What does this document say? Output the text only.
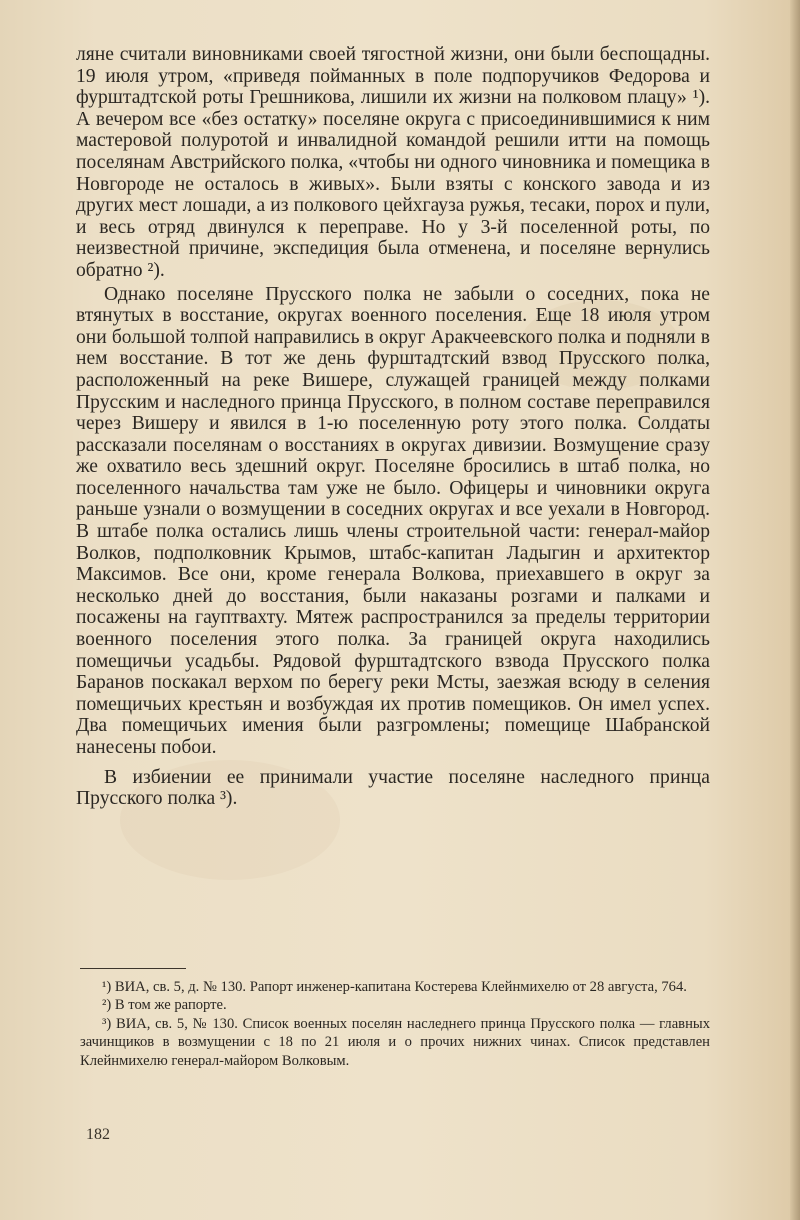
ляне считали виновниками своей тягостной жизни, они были беспощадны. 19 июля утром, «приведя пойманных в поле подпоручиков Федорова и фурштадтской роты Грешникова, лишили их жизни на полковом плацу» ¹). А вечером все «без остатку» поселяне округа с присоединившимися к ним мастеровой полуротой и инвалидной командой решили итти на помощь поселянам Австрийского полка, «чтобы ни одного чиновника и помещика в Новгороде не осталось в живых». Были взяты с конского завода и из других мест лошади, а из полкового цейхгауза ружья, тесаки, порох и пули, и весь отряд двинулся к переправе. Но у 3-й поселенной роты, по неизвестной причине, экспедиция была отменена, и поселяне вернулись обратно ²).

Однако поселяне Прусского полка не забыли о соседних, пока не втянутых в восстание, округах военного поселения. Еще 18 июля утром они большой толпой направились в округ Аракчеевского полка и подняли в нем восстание. В тот же день фурштадтский взвод Прусского полка, расположенный на реке Вишере, служащей границей между полками Прусским и наследного принца Прусского, в полном составе переправился через Вишеру и явился в 1-ю поселенную роту этого полка. Солдаты рассказали поселянам о восстаниях в округах дивизии. Возмущение сразу же охватило весь здешний округ. Поселяне бросились в штаб полка, но поселенного начальства там уже не было. Офицеры и чиновники округа раньше узнали о возмущении в соседних округах и все уехали в Новгород. В штабе полка остались лишь члены строительной части: генерал-майор Волков, подполковник Крымов, штабс-капитан Ладыгин и архитектор Максимов. Все они, кроме генерала Волкова, приехавшего в округ за несколько дней до восстания, были наказаны розгами и палками и посажены на гауптвахту. Мятеж распространился за пределы территории военного поселения этого полка. За границей округа находились помещичьи усадьбы. Рядовой фурштадтского взвода Прусского полка Баранов поскакал верхом по берегу реки Мсты, заезжая всюду в селения помещичьих крестьян и возбуждая их против помещиков. Он имел успех. Два помещичьих имения были разгромлены; помещице Шабранской нанесены побои.

В избиении ее принимали участие поселяне наследного принца Прусского полка ³).

¹) ВИА, св. 5, д. № 130. Рапорт инженер-капитана Костерева Клейнмихелю от 28 августа, 764.

²) В том же рапорте.

³) ВИА, св. 5, № 130. Список военных поселян наследнего принца Прусского полка — главных зачинщиков в возмущении с 18 по 21 июля и о прочих нижних чинах. Список представлен Клейнмихелю генерал-майором Волковым.

182
